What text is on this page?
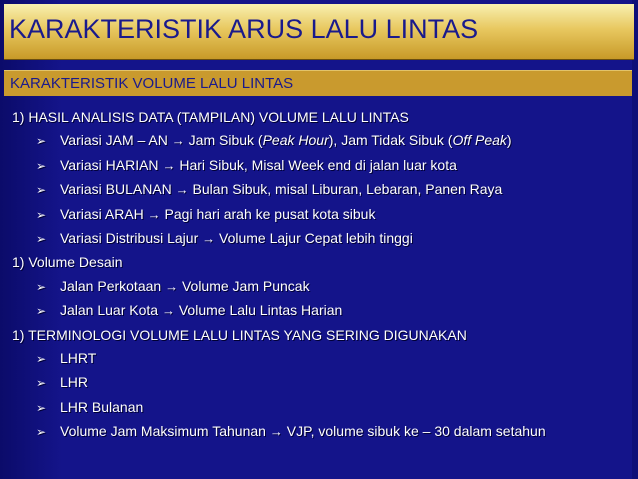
KARAKTERISTIK ARUS LALU LINTAS
KARAKTERISTIK VOLUME LALU LINTAS
1) HASIL ANALISIS DATA (TAMPILAN) VOLUME LALU LINTAS
➢ Variasi JAM – AN → Jam Sibuk (Peak Hour), Jam Tidak Sibuk (Off Peak)
➢ Variasi HARIAN → Hari Sibuk, Misal Week end di jalan luar kota
➢ Variasi BULANAN → Bulan Sibuk, misal Liburan, Lebaran, Panen Raya
➢ Variasi ARAH → Pagi hari arah ke pusat kota sibuk
➢ Variasi Distribusi Lajur → Volume Lajur Cepat lebih tinggi
1) Volume Desain
➢ Jalan Perkotaan → Volume Jam Puncak
➢ Jalan Luar Kota → Volume Lalu Lintas Harian
1) TERMINOLOGI VOLUME LALU LINTAS YANG SERING DIGUNAKAN
➢ LHRT
➢ LHR
➢ LHR Bulanan
➢ Volume Jam Maksimum Tahunan → VJP, volume sibuk ke – 30 dalam setahun
